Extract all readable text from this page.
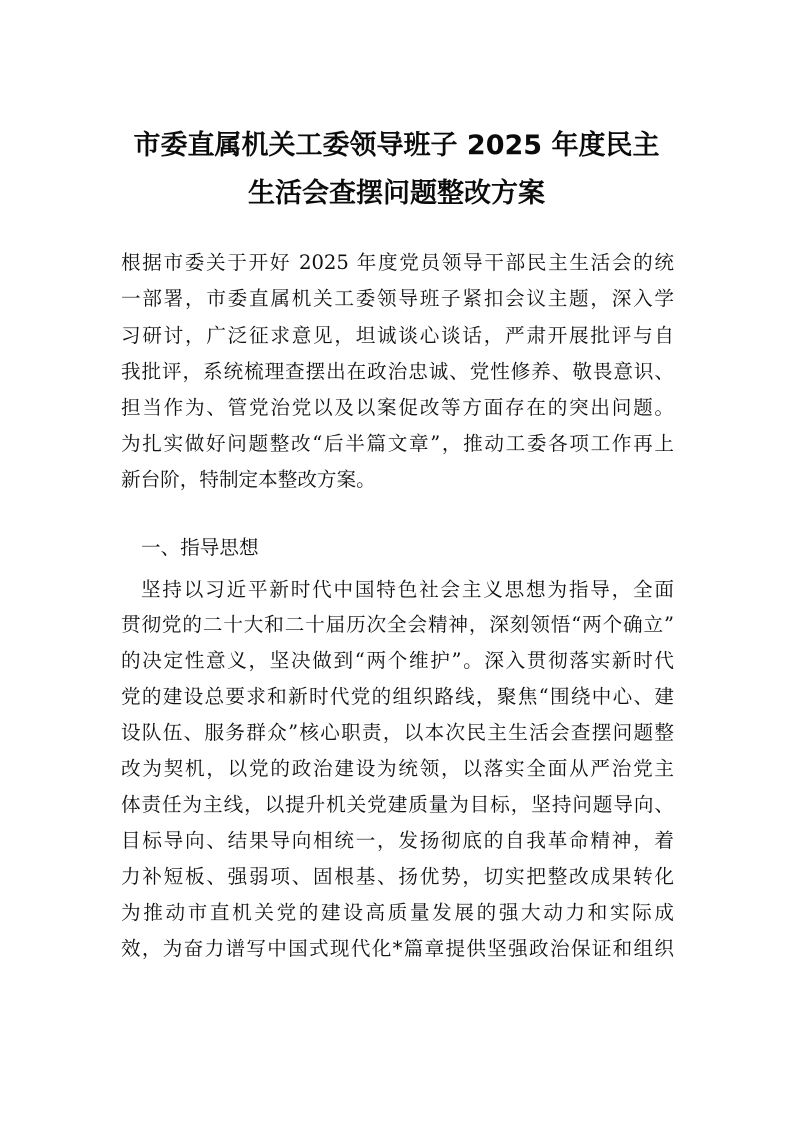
市委直属机关工委领导班子 2025 年度民主
生活会查摆问题整改方案
根据市委关于开好 2025 年度党员领导干部民主生活会的统
一部署，市委直属机关工委领导班子紧扣会议主题，深入学
习研讨，广泛征求意见，坦诚谈心谈话，严肃开展批评与自
我批评，系统梳理查摆出在政治忠诚、党性修养、敬畏意识、
担当作为、管党治党以及以案促改等方面存在的突出问题。
为扎实做好问题整改“后半篇文章”，推动工委各项工作再上
新台阶，特制定本整改方案。
一、指导思想
坚持以习近平新时代中国特色社会主义思想为指导，全面
贯彻党的二十大和二十届历次全会精神，深刻领悟“两个确立”
的决定性意义，坚决做到“两个维护”。深入贯彻落实新时代
党的建设总要求和新时代党的组织路线，聚焦“围绕中心、建
设队伍、服务群众”核心职责，以本次民主生活会查摆问题整
改为契机，以党的政治建设为统领，以落实全面从严治党主
体责任为主线，以提升机关党建质量为目标，坚持问题导向、
目标导向、结果导向相统一，发扬彻底的自我革命精神，着
力补短板、强弱项、固根基、扬优势，切实把整改成果转化
为推动市直机关党的建设高质量发展的强大动力和实际成
效，为奋力谱写中国式现代化*篇章提供坚强政治保证和组织
